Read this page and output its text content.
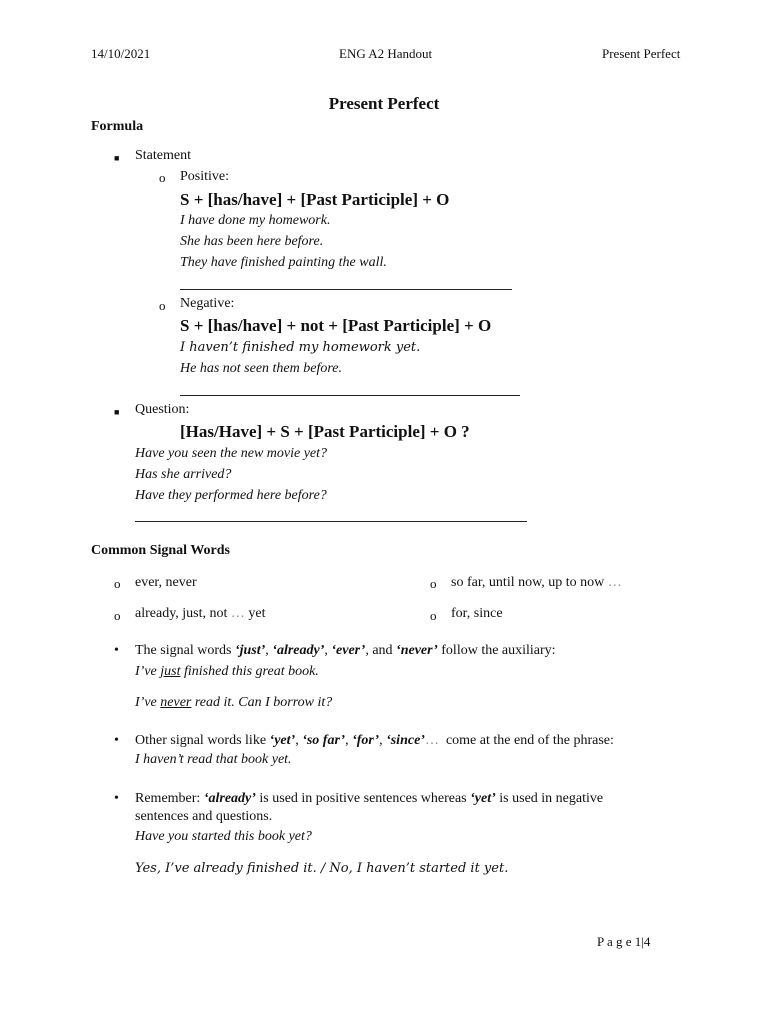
14/10/2021	ENG A2 Handout	Present Perfect
Present Perfect
Formula
■ Statement
o Positive:
S + [has/have] + [Past Participle] + O
I have done my homework.
She has been here before.
They have finished painting the wall.
o Negative:
S + [has/have] + not + [Past Participle] + O
I haven’t finished my homework yet.
He has not seen them before.
■ Question:
[Has/Have] + S + [Past Participle] + O ?
Have you seen the new movie yet?
Has she arrived?
Have they performed here before?
Common Signal Words
o ever, never	o so far, until now, up to now …
o already, just, not … yet	o for, since
• The signal words ‘just’, ‘already’, ‘ever’, and ‘never’ follow the auxiliary:
I’ve just finished this great book.
I’ve never read it. Can I borrow it?
• Other signal words like ‘yet’, ‘so far’, ‘for’, ‘since’…  come at the end of the phrase:
I haven’t read that book yet.
• Remember: ‘already’ is used in positive sentences whereas ‘yet’ is used in negative
sentences and questions.
Have you started this book yet?
Yes, I’ve already finished it. / No, I haven’t started it yet.
P a g e 1|4
